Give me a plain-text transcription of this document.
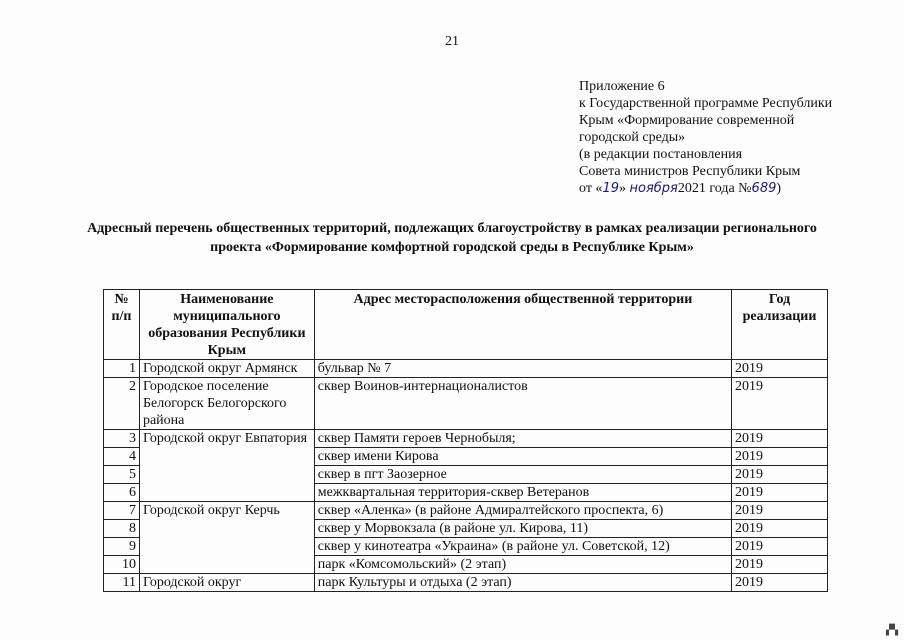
21
Приложение 6
к Государственной программе Республики
Крым «Формирование современной
городской среды»
(в редакции постановления
Совета министров Республики Крым
от «19» ноября2021 года №689)
Адресный перечень общественных территорий, подлежащих благоустройству в рамках реализации регионального
проекта «Формирование комфортной городской среды в Республике Крым»
№ п/п	Наименование муниципального образования Республики Крым	Адрес месторасположения общественной территории	Год реализации
1	Городской округ Армянск	бульвар № 7	2019
2	Городское поселение Белогорск Белогорского района	сквер Воинов-интернационалистов	2019
3	Городской округ Евпатория	сквер Памяти героев Чернобыля;	2019
4		сквер имени Кирова	2019
5		сквер в пгт Заозерное	2019
6		межквартальная территория-сквер Ветеранов	2019
7	Городской округ Керчь	сквер «Аленка» (в районе Адмиралтейского проспекта, 6)	2019
8		сквер у Морвокзала (в районе ул. Кирова, 11)	2019
9		сквер у кинотеатра «Украина» (в районе ул. Советской, 12)	2019
10		парк «Комсомольский» (2 этап)	2019
11	Городской округ	парк Культуры и отдыха (2 этап)	2019
▞▚
